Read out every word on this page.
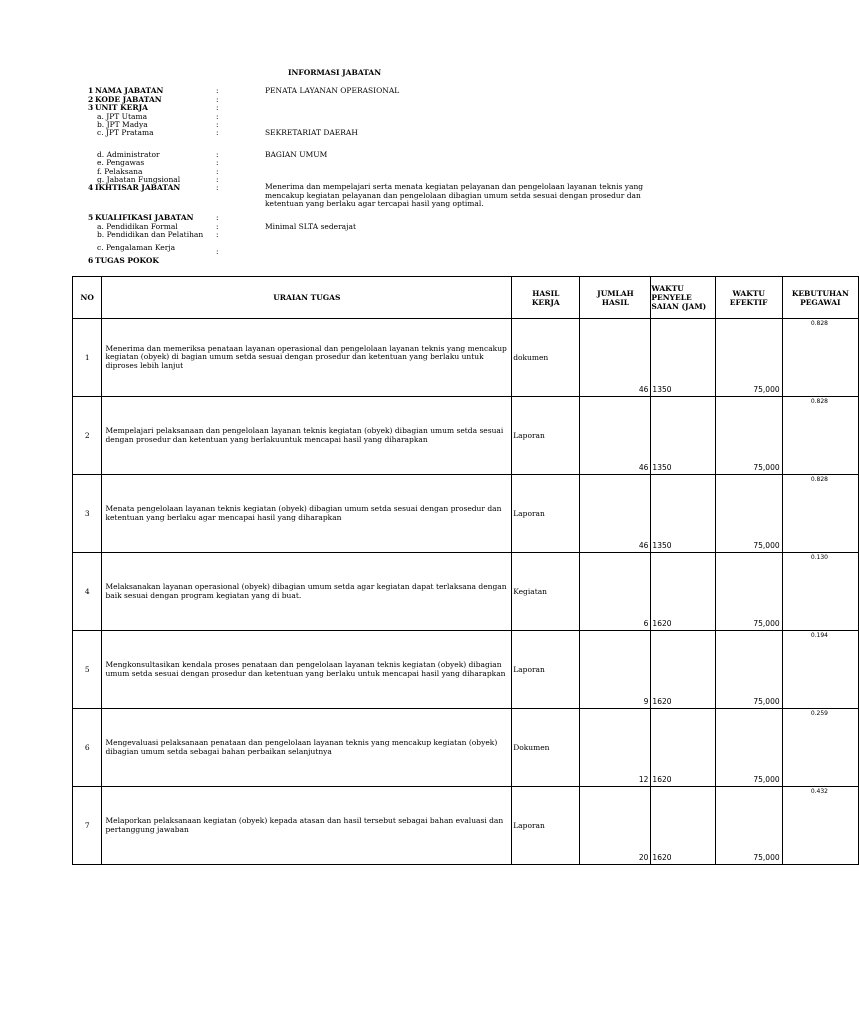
INFORMASI JABATAN
1 NAMA JABATAN	:	PENATA LAYANAN OPERASIONAL
2 KODE JABATAN	:
3 UNIT KERJA	:
a. JPT Utama	:
b. JPT Madya	:
c. JPT Pratama	:	SEKRETARIAT DAERAH
d. Administrator	:	BAGIAN UMUM
e. Pengawas	:
f. Pelaksana	:
g. Jabatan Fungsional	:
4 IKHTISAR JABATAN	:	Menerima dan mempelajari serta menata kegiatan pelayanan dan pengelolaan layanan teknis yang mencakup kegiatan pelayanan dan pengelolaan dibagian umum setda sesuai dengan prosedur dan ketentuan yang berlaku agar tercapai hasil yang optimal.
5 KUALIFIKASI JABATAN	:
a. Pendidikan Formal	:	Minimal SLTA sederajat
b. Pendidikan dan Pelatihan :
c. Pengalaman Kerja	:
6 TUGAS POKOK
NO	URAIAN TUGAS	HASIL KERJA	JUMLAH HASIL	WAKTU PENYELE SAIAN (JAM)	WAKTU EFEKTIF	KEBUTUHAN PEGAWAI

1	Menerima dan memeriksa penataan layanan operasional dan pengelolaan layanan teknis yang mencakup kegiatan (obyek) di bagian umum setda sesuai dengan prosedur dan ketentuan yang berlaku untuk diproses lebih lanjut	dokumen	46	1350	75,000	0.828

2	Mempelajari pelaksanaan dan pengelolaan layanan teknis kegiatan (obyek) dibagian umum setda sesuai dengan prosedur dan ketentuan yang berlakuuntuk mencapai hasil yang diharapkan	Laporan	46	1350	75,000	0.828

3	Menata pengelolaan layanan teknis kegiatan (obyek) dibagian umum setda sesuai dengan prosedur dan ketentuan yang berlaku agar mencapai hasil yang diharapkan	Laporan	46	1350	75,000	0.828

4	Melaksanakan layanan operasional (obyek) dibagian umum setda agar kegiatan dapat terlaksana dengan baik sesuai dengan program kegiatan yang di buat.	Kegiatan	6	1620	75,000	0.130

5	Mengkonsultasikan kendala proses penataan dan pengelolaan layanan teknis kegiatan (obyek) dibagian umum setda sesuai dengan prosedur dan ketentuan yang berlaku untuk mencapai hasil yang diharapkan	Laporan	9	1620	75,000	0.194

6	Mengevaluasi pelaksanaan penataan dan pengelolaan layanan teknis yang mencakup kegiatan (obyek) dibagian umum setda sebagai bahan perbaikan selanjutnya	Dokumen	12	1620	75,000	0.259

7	Melaporkan pelaksanaan kegiatan (obyek) kepada atasan dan hasil tersebut sebagai bahan evaluasi dan pertanggung jawaban	Laporan	20	1620	75,000	0.432
